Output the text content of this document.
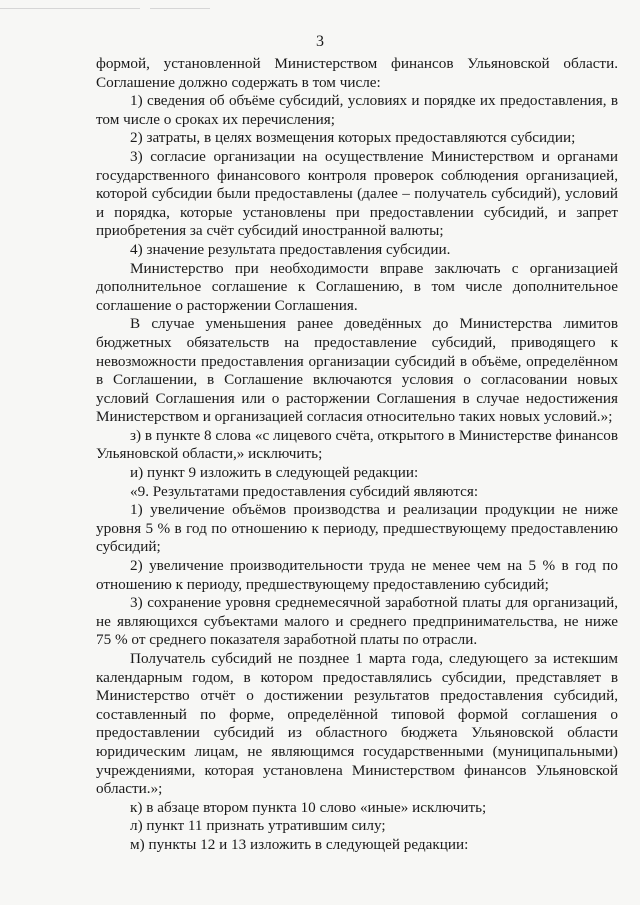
3

формой, установленной Министерством финансов Ульяновской области. Соглашение должно содержать в том числе:

1) сведения об объёме субсидий, условиях и порядке их предоставления, в том числе о сроках их перечисления;

2) затраты, в целях возмещения которых предоставляются субсидии;

3) согласие организации на осуществление Министерством и органами государственного финансового контроля проверок соблюдения организацией, которой субсидии были предоставлены (далее – получатель субсидий), условий и порядка, которые установлены при предоставлении субсидий, и запрет приобретения за счёт субсидий иностранной валюты;

4) значение результата предоставления субсидии.

Министерство при необходимости вправе заключать с организацией дополнительное соглашение к Соглашению, в том числе дополнительное соглашение о расторжении Соглашения.

В случае уменьшения ранее доведённых до Министерства лимитов бюджетных обязательств на предоставление субсидий, приводящего к невозможности предоставления организации субсидий в объёме, определённом в Соглашении, в Соглашение включаются условия о согласовании новых условий Соглашения или о расторжении Соглашения в случае недостижения Министерством и организацией согласия относительно таких новых условий.»;

з) в пункте 8 слова «с лицевого счёта, открытого в Министерстве финансов Ульяновской области,» исключить;

и) пункт 9 изложить в следующей редакции:

«9. Результатами предоставления субсидий являются:

1) увеличение объёмов производства и реализации продукции не ниже уровня 5 % в год по отношению к периоду, предшествующему предоставлению субсидий;

2) увеличение производительности труда не менее чем на 5 % в год по отношению к периоду, предшествующему предоставлению субсидий;

3) сохранение уровня среднемесячной заработной платы для организаций, не являющихся субъектами малого и среднего предпринимательства, не ниже 75 % от среднего показателя заработной платы по отрасли.

Получатель субсидий не позднее 1 марта года, следующего за истекшим календарным годом, в котором предоставлялись субсидии, представляет в Министерство отчёт о достижении результатов предоставления субсидий, составленный по форме, определённой типовой формой соглашения о предоставлении субсидий из областного бюджета Ульяновской области юридическим лицам, не являющимся государственными (муниципальными) учреждениями, которая установлена Министерством финансов Ульяновской области.»;

к) в абзаце втором пункта 10 слово «иные» исключить;

л) пункт 11 признать утратившим силу;

м) пункты 12 и 13 изложить в следующей редакции:
